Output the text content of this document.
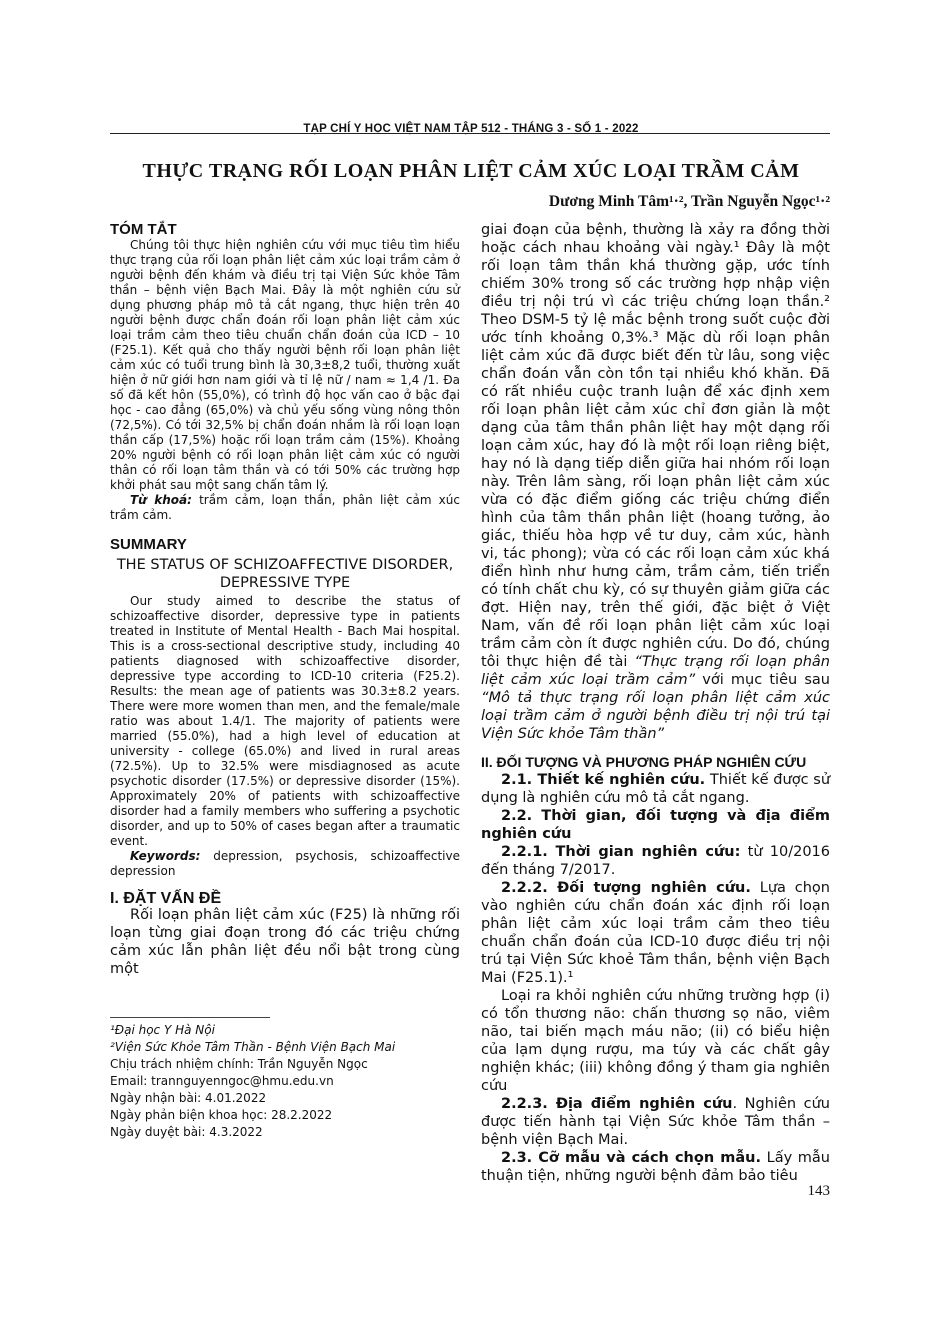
TẠP CHÍ Y HỌC VIỆT NAM TẬP 512 - THÁNG 3 - SỐ 1 - 2022
THỰC TRẠNG RỐI LOẠN PHÂN LIỆT CẢM XÚC LOẠI TRẦM CẢM
Dương Minh Tâm¹·², Trần Nguyễn Ngọc¹·²
TÓM TẮT

Chúng tôi thực hiện nghiên cứu với mục tiêu tìm hiểu thực trạng của rối loạn phân liệt cảm xúc loại trầm cảm ở người bệnh đến khám và điều trị tại Viện Sức khỏe Tâm thần – bệnh viện Bạch Mai. Đây là một nghiên cứu sử dụng phương pháp mô tả cắt ngang, thực hiện trên 40 người bệnh được chẩn đoán rối loạn phân liệt cảm xúc loại trầm cảm theo tiêu chuẩn chẩn đoán của ICD – 10 (F25.1). Kết quả cho thấy người bệnh rối loạn phân liệt cảm xúc có tuổi trung bình là 30,3±8,2 tuổi, thường xuất hiện ở nữ giới hơn nam giới và tỉ lệ nữ / nam ≈ 1,4 /1. Đa số đã kết hôn (55,0%), có trình độ học vấn cao ở bậc đại học - cao đẳng (65,0%) và chủ yếu sống vùng nông thôn (72,5%). Có tới 32,5% bị chẩn đoán nhầm là rối loạn loạn thần cấp (17,5%) hoặc rối loạn trầm cảm (15%). Khoảng 20% người bệnh có rối loạn phân liệt cảm xúc có người thân có rối loạn tâm thần và có tới 50% các trường hợp khởi phát sau một sang chấn tâm lý.

Từ khoá: trầm cảm, loạn thần, phân liệt cảm xúc trầm cảm.

SUMMARY
THE STATUS OF SCHIZOAFFECTIVE DISORDER, DEPRESSIVE TYPE

Our study aimed to describe the status of schizoaffective disorder, depressive type in patients treated in Institute of Mental Health - Bach Mai hospital. This is a cross-sectional descriptive study, including 40 patients diagnosed with schizoaffective disorder, depressive type according to ICD-10 criteria (F25.2). Results: the mean age of patients was 30.3±8.2 years. There were more women than men, and the female/male ratio was about 1.4/1. The majority of patients were married (55.0%), had a high level of education at university - college (65.0%) and lived in rural areas (72.5%). Up to 32.5% were misdiagnosed as acute psychotic disorder (17.5%) or depressive disorder (15%). Approximately 20% of patients with schizoaffective disorder had a family members who suffering a psychotic disorder, and up to 50% of cases began after a traumatic event.

Keywords: depression, psychosis, schizoaffective depression

I. ĐẶT VẤN ĐỀ

Rối loạn phân liệt cảm xúc (F25) là những rối loạn từng giai đoạn trong đó các triệu chứng cảm xúc lẫn phân liệt đều nổi bật trong cùng một

¹Đại học Y Hà Nội
²Viện Sức Khỏe Tâm Thần - Bệnh Viện Bạch Mai
Chịu trách nhiệm chính: Trần Nguyễn Ngọc
Email: trannguyenngoc@hmu.edu.vn
Ngày nhận bài: 4.01.2022
Ngày phản biện khoa học: 28.2.2022
Ngày duyệt bài: 4.3.2022

giai đoạn của bệnh, thường là xảy ra đồng thời hoặc cách nhau khoảng vài ngày.¹ Đây là một rối loạn tâm thần khá thường gặp, ước tính chiếm 30% trong số các trường hợp nhập viện điều trị nội trú vì các triệu chứng loạn thần.² Theo DSM-5 tỷ lệ mắc bệnh trong suốt cuộc đời ước tính khoảng 0,3%.³ Mặc dù rối loạn phân liệt cảm xúc đã được biết đến từ lâu, song việc chẩn đoán vẫn còn tồn tại nhiều khó khăn. Đã có rất nhiều cuộc tranh luận để xác định xem rối loạn phân liệt cảm xúc chỉ đơn giản là một dạng của tâm thần phân liệt hay một dạng rối loạn cảm xúc, hay đó là một rối loạn riêng biệt, hay nó là dạng tiếp diễn giữa hai nhóm rối loạn này. Trên lâm sàng, rối loạn phân liệt cảm xúc vừa có đặc điểm giống các triệu chứng điển hình của tâm thần phân liệt (hoang tưởng, ảo giác, thiếu hòa hợp về tư duy, cảm xúc, hành vi, tác phong); vừa có các rối loạn cảm xúc khá điển hình như hưng cảm, trầm cảm, tiến triển có tính chất chu kỳ, có sự thuyên giảm giữa các đợt. Hiện nay, trên thế giới, đặc biệt ở Việt Nam, vấn đề rối loạn phân liệt cảm xúc loại trầm cảm còn ít được nghiên cứu. Do đó, chúng tôi thực hiện đề tài “Thực trạng rối loạn phân liệt cảm xúc loại trầm cảm” với mục tiêu sau “Mô tả thực trạng rối loạn phân liệt cảm xúc loại trầm cảm ở người bệnh điều trị nội trú tại Viện Sức khỏe Tâm thần”

II. ĐỐI TƯỢNG VÀ PHƯƠNG PHÁP NGHIÊN CỨU

2.1. Thiết kế nghiên cứu. Thiết kế được sử dụng là nghiên cứu mô tả cắt ngang.

2.2. Thời gian, đối tượng và địa điểm nghiên cứu

2.2.1. Thời gian nghiên cứu: từ 10/2016 đến tháng 7/2017.

2.2.2. Đối tượng nghiên cứu. Lựa chọn vào nghiên cứu chẩn đoán xác định rối loạn phân liệt cảm xúc loại trầm cảm theo tiêu chuẩn chẩn đoán của ICD-10 được điều trị nội trú tại Viện Sức khoẻ Tâm thần, bệnh viện Bạch Mai (F25.1).¹

Loại ra khỏi nghiên cứu những trường hợp (i) có tổn thương não: chấn thương sọ não, viêm não, tai biến mạch máu não; (ii) có biểu hiện của lạm dụng rượu, ma túy và các chất gây nghiện khác; (iii) không đồng ý tham gia nghiên cứu

2.2.3. Địa điểm nghiên cứu. Nghiên cứu được tiến hành tại Viện Sức khỏe Tâm thần – bệnh viện Bạch Mai.

2.3. Cỡ mẫu và cách chọn mẫu. Lấy mẫu thuận tiện, những người bệnh đảm bảo tiêu

143
